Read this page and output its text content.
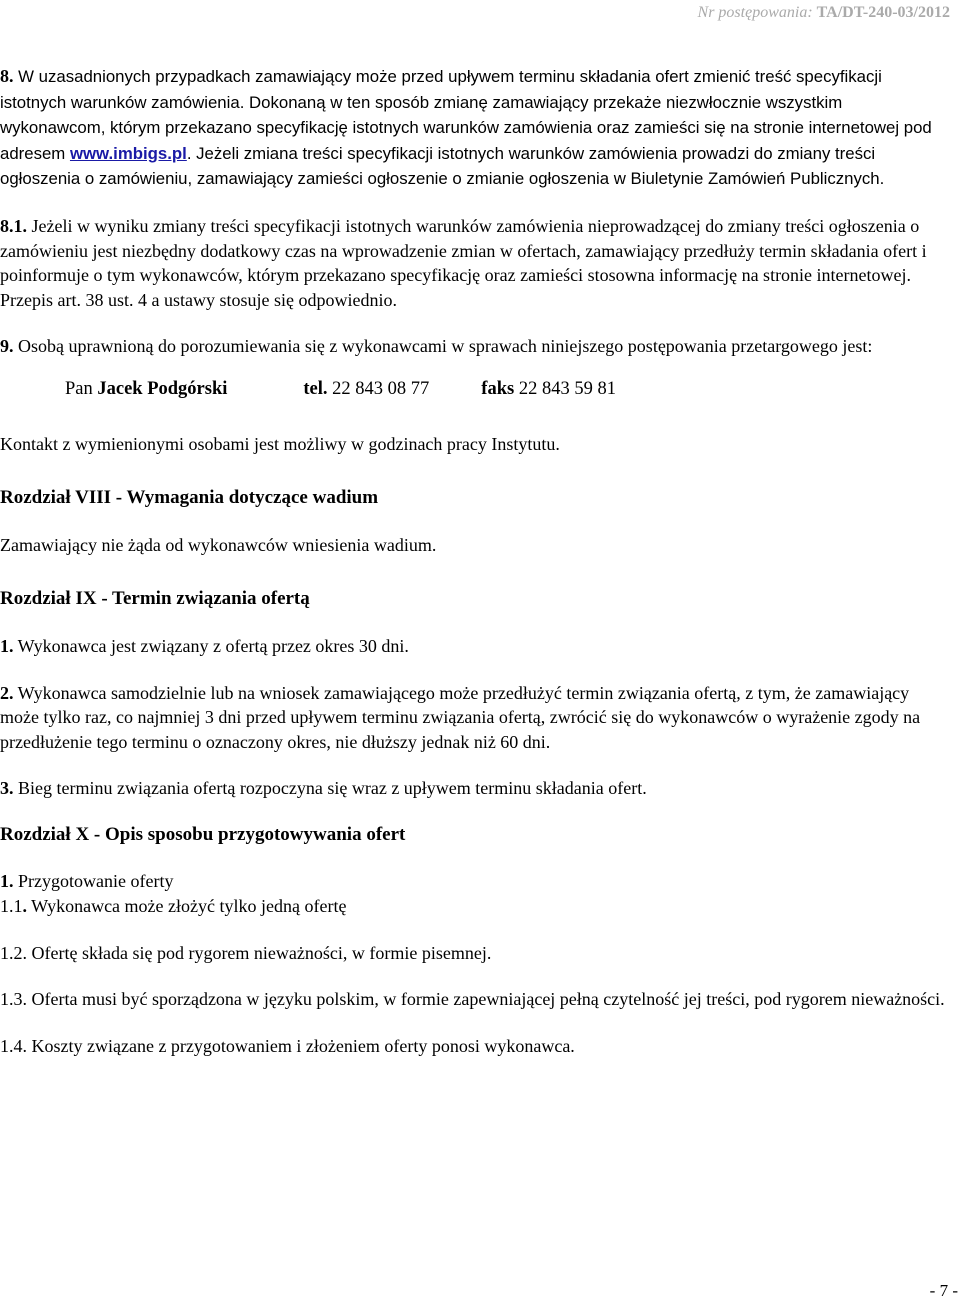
Nr postępowania: TA/DT-240-03/2012

8. W uzasadnionych przypadkach zamawiający może przed upływem terminu składania ofert zmienić treść specyfikacji istotnych warunków zamówienia. Dokonaną w ten sposób zmianę zamawiający przekaże niezwłocznie wszystkim wykonawcom, którym przekazano specyfikację istotnych warunków zamówienia oraz zamieści się na stronie internetowej pod adresem www.imbigs.pl. Jeżeli zmiana treści specyfikacji istotnych warunków zamówienia prowadzi do zmiany treści ogłoszenia o zamówieniu, zamawiający zamieści ogłoszenie o zmianie ogłoszenia w Biuletynie Zamówień Publicznych.

8.1. Jeżeli w wyniku zmiany treści specyfikacji istotnych warunków zamówienia nieprowadzącej do zmiany treści ogłoszenia o zamówieniu jest niezbędny dodatkowy czas na wprowadzenie zmian w ofertach, zamawiający przedłuży termin składania ofert i poinformuje o tym wykonawców, którym przekazano specyfikację oraz zamieści stosowna informację na stronie internetowej. Przepis art. 38 ust. 4 a ustawy stosuje się odpowiednio.

9. Osobą uprawnioną do porozumiewania się z wykonawcami w sprawach niniejszego postępowania przetargowego jest:

Pan Jacek Podgórski	tel. 22 843 08 77	faks 22 843 59 81

Kontakt z wymienionymi osobami jest możliwy w godzinach pracy Instytutu.

Rozdział VIII - Wymagania dotyczące wadium

Zamawiający nie żąda od wykonawców wniesienia wadium.

Rozdział IX - Termin związania ofertą

1. Wykonawca jest związany z ofertą przez okres 30 dni.

2. Wykonawca samodzielnie lub na wniosek zamawiającego może przedłużyć termin związania ofertą, z tym, że zamawiający może tylko raz, co najmniej 3 dni przed upływem terminu związania ofertą, zwrócić się do wykonawców o wyrażenie zgody na przedłużenie tego terminu o oznaczony okres, nie dłuższy jednak niż 60 dni.

3. Bieg terminu związania ofertą rozpoczyna się wraz z upływem terminu składania ofert.

Rozdział X - Opis sposobu przygotowywania ofert

1. Przygotowanie oferty

1.1. Wykonawca może złożyć tylko jedną ofertę

1.2. Ofertę składa się pod rygorem nieważności, w formie pisemnej.

1.3. Oferta musi być sporządzona w języku polskim, w formie zapewniającej pełną czytelność jej treści, pod rygorem nieważności.

1.4. Koszty związane z przygotowaniem i złożeniem oferty ponosi wykonawca.

- 7 -
